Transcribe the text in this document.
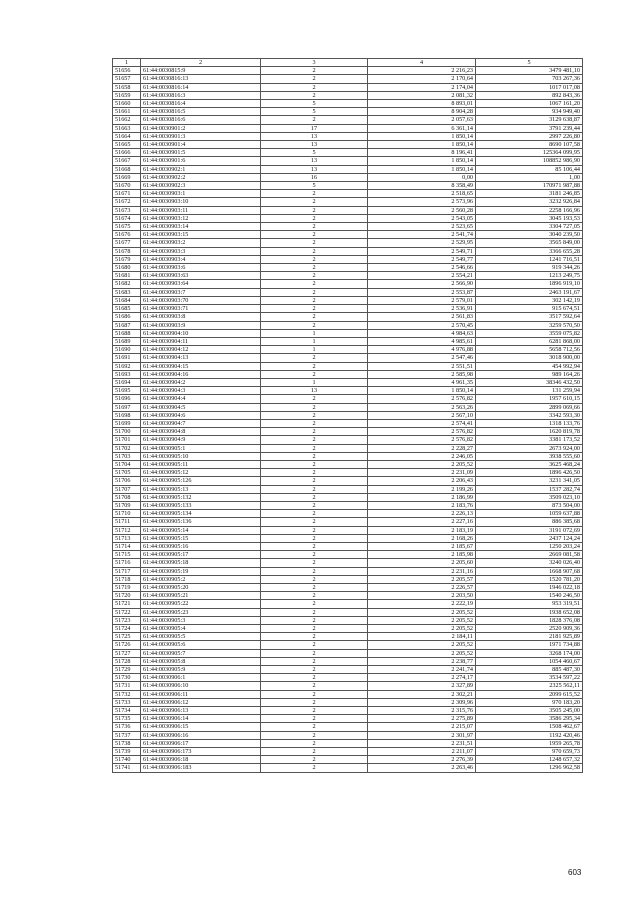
1	2	3	4	5
51656	61:44:0030815:9	2	2 216,23	3479 481,10
51657	61:44:0030816:13	2	2 170,64	703 267,36
51658	61:44:0030816:14	2	2 174,04	1017 017,08
51659	61:44:0030816:3	2	2 081,32	892 843,36
51660	61:44:0030816:4	5	8 893,01	1067 161,20
51661	61:44:0030816:5	5	8 904,28	934 949,40
51662	61:44:0030816:6	2	2 057,63	3129 638,87
51663	61:44:0030901:2	17	6 361,14	3791 239,44
51664	61:44:0030901:3	13	1 850,14	2997 226,80
51665	61:44:0030901:4	13	1 850,14	8690 107,58
51666	61:44:0030901:5	5	8 196,41	125364 099,95
51667	61:44:0030901:6	13	1 850,14	108852 986,90
51668	61:44:0030902:1	13	1 850,14	85 106,44
51669	61:44:0030902:2	16	0,00	1,00
51670	61:44:0030902:3	5	8 358,49	170971 987,88
51671	61:44:0030903:1	2	2 518,65	3181 246,85
51672	61:44:0030903:10	2	2 573,96	3232 926,84
51673	61:44:0030903:11	2	2 560,28	2258 166,96
51674	61:44:0030903:12	2	2 543,05	3045 193,53
51675	61:44:0030903:14	2	2 523,65	3304 727,05
51676	61:44:0030903:15	2	2 541,74	3040 239,50
51677	61:44:0030903:2	2	2 529,95	3565 849,00
51678	61:44:0030903:3	2	2 549,71	3366 655,28
51679	61:44:0030903:4	2	2 549,77	1241 716,51
51680	61:44:0030903:6	2	2 546,66	919 344,26
51681	61:44:0030903:63	2	2 554,21	1213 249,75
51682	61:44:0030903:64	2	2 566,90	1896 919,10
51683	61:44:0030903:7	2	2 553,87	2463 191,67
51684	61:44:0030903:70	2	2 579,01	302 142,19
51685	61:44:0030903:71	2	2 536,91	915 674,51
51686	61:44:0030903:8	2	2 561,83	3517 592,64
51687	61:44:0030903:9	2	2 570,45	3259 570,50
51688	61:44:0030904:10	1	4 984,63	3559 075,82
51689	61:44:0030904:11	1	4 985,61	6281 868,00
51690	61:44:0030904:12	1	4 976,88	5658 712,56
51691	61:44:0030904:13	2	2 547,46	3018 900,00
51692	61:44:0030904:15	2	2 551,51	454 992,94
51693	61:44:0030904:16	2	2 585,98	989 164,26
51694	61:44:0030904:2	1	4 961,35	38346 432,50
51695	61:44:0030904:3	13	1 850,14	131 259,94
51696	61:44:0030904:4	2	2 576,82	1957 610,15
51697	61:44:0030904:5	2	2 563,26	2899 069,66
51698	61:44:0030904:6	2	2 567,10	3342 593,30
51699	61:44:0030904:7	2	2 574,41	1318 133,76
51700	61:44:0030904:8	2	2 576,82	1620 819,78
51701	61:44:0030904:9	2	2 576,82	3381 173,52
51702	61:44:0030905:1	2	2 228,27	2673 924,00
51703	61:44:0030905:10	2	2 246,05	3938 555,60
51704	61:44:0030905:11	2	2 205,52	3625 468,24
51705	61:44:0030905:12	2	2 231,09	1896 426,50
51706	61:44:0030905:126	2	2 206,43	3231 341,05
51707	61:44:0030905:13	2	2 199,26	1537 282,74
51708	61:44:0030905:132	2	2 186,99	3509 023,10
51709	61:44:0030905:133	2	2 183,76	873 504,00
51710	61:44:0030905:134	2	2 226,13	1059 637,88
51711	61:44:0030905:136	2	2 227,16	886 385,68
51712	61:44:0030905:14	2	2 183,19	3191 072,69
51713	61:44:0030905:15	2	2 168,26	2437 124,24
51714	61:44:0030905:16	2	2 185,67	1250 203,24
51715	61:44:0030905:17	2	2 185,98	2669 081,58
51716	61:44:0030905:18	2	2 205,60	3240 026,40
51717	61:44:0030905:19	2	2 231,16	1668 907,68
51718	61:44:0030905:2	2	2 205,57	1520 781,20
51719	61:44:0030905:20	2	2 226,57	1946 022,18
51720	61:44:0030905:21	2	2 203,50	1540 246,50
51721	61:44:0030905:22	2	2 222,19	953 319,51
51722	61:44:0030905:23	2	2 205,52	1938 652,08
51723	61:44:0030905:3	2	2 205,52	1828 376,08
51724	61:44:0030905:4	2	2 205,52	2520 909,36
51725	61:44:0030905:5	2	2 184,11	2181 925,89
51726	61:44:0030905:6	2	2 205,52	1971 734,88
51727	61:44:0030905:7	2	2 205,52	3268 174,00
51728	61:44:0030905:8	2	2 238,77	1054 460,67
51729	61:44:0030905:9	2	2 241,74	885 487,30
51730	61:44:0030906:1	2	2 274,17	3534 597,22
51731	61:44:0030906:10	2	2 327,89	2325 562,11
51732	61:44:0030906:11	2	2 302,21	2099 615,52
51733	61:44:0030906:12	2	2 309,96	970 183,20
51734	61:44:0030906:13	2	2 315,76	3505 245,00
51735	61:44:0030906:14	2	2 275,89	3586 295,34
51736	61:44:0030906:15	2	2 215,07	1508 462,67
51737	61:44:0030906:16	2	2 301,97	1192 420,46
51738	61:44:0030906:17	2	2 231,51	1959 265,78
51739	61:44:0030906:173	2	2 211,07	970 659,73
51740	61:44:0030906:18	2	2 276,39	1248 657,32
51741	61:44:0030906:183	2	2 263,46	1296 962,58
603
